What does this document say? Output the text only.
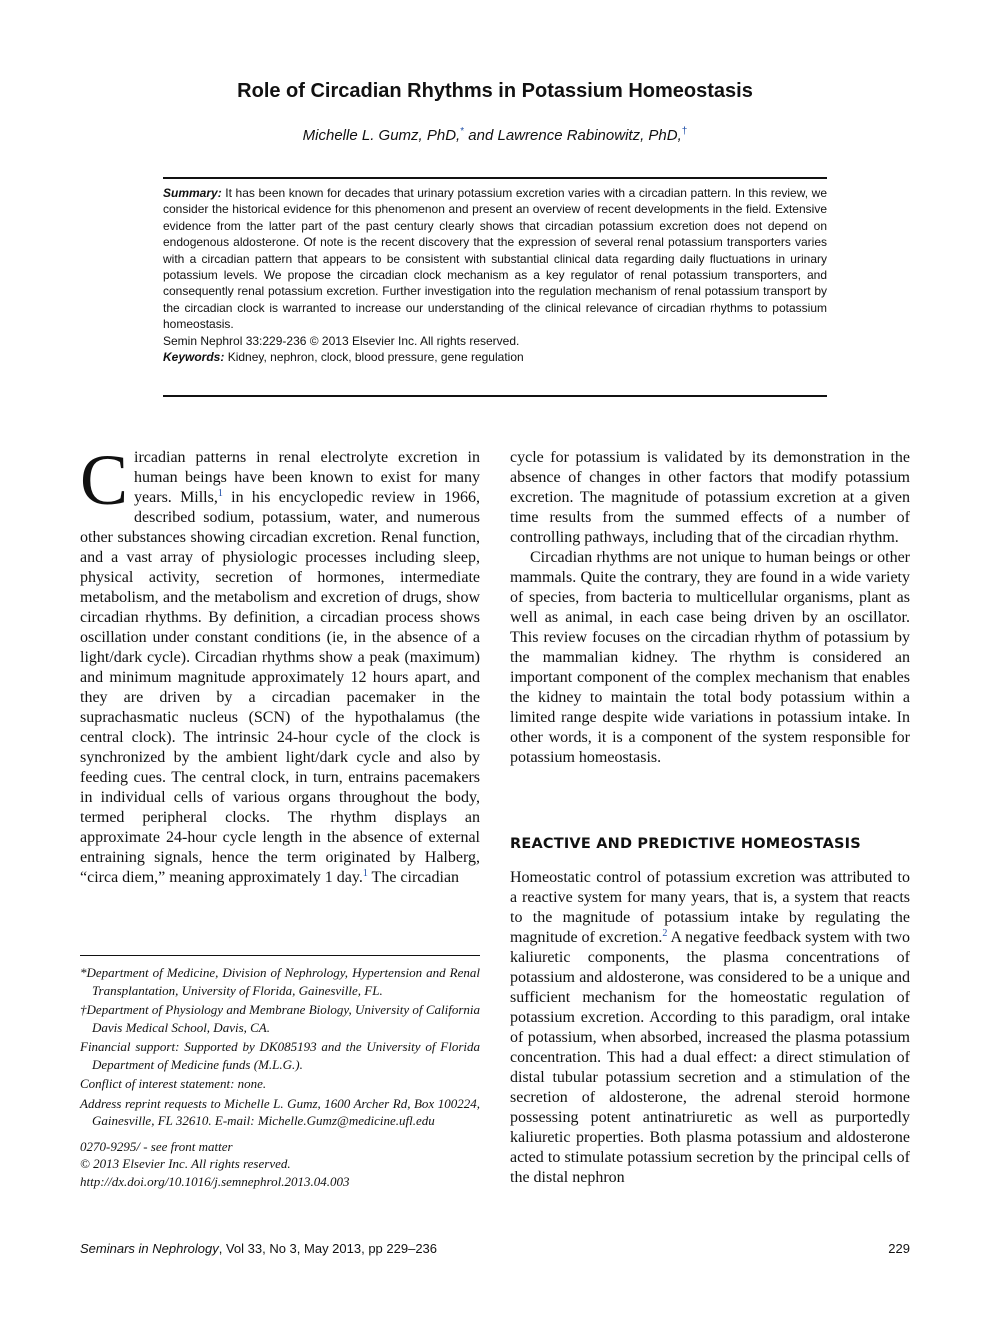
Role of Circadian Rhythms in Potassium Homeostasis
Michelle L. Gumz, PhD,* and Lawrence Rabinowitz, PhD,†

Summary: It has been known for decades that urinary potassium excretion varies with a circadian pattern. In this review, we consider the historical evidence for this phenomenon and present an overview of recent developments in the field. Extensive evidence from the latter part of the past century clearly shows that circadian potassium excretion does not depend on endogenous aldosterone. Of note is the recent discovery that the expression of several renal potassium transporters varies with a circadian pattern that appears to be consistent with substantial clinical data regarding daily fluctuations in urinary potassium levels. We propose the circadian clock mechanism as a key regulator of renal potassium transporters, and consequently renal potassium excretion. Further investigation into the regulation mechanism of renal potassium transport by the circadian clock is warranted to increase our understanding of the clinical relevance of circadian rhythms to potassium homeostasis.

Semin Nephrol 33:229-236 © 2013 Elsevier Inc. All rights reserved.

Keywords: Kidney, nephron, clock, blood pressure, gene regulation

Circadian patterns in renal electrolyte excretion in human beings have been known to exist for many years. Mills,$^1$ in his encyclopedic review in 1966, described sodium, potassium, water, and numerous other substances showing circadian excretion. Renal function, and a vast array of physiologic processes including sleep, physical activity, secretion of hormones, intermediate metabolism, and the metabolism and excretion of drugs, show circadian rhythms. By definition, a circadian process shows oscillation under constant conditions (ie, in the absence of a light/dark cycle). Circadian rhythms show a peak (maximum) and minimum magnitude approximately 12 hours apart, and they are driven by a circadian pacemaker in the suprachasmatic nucleus (SCN) of the hypothalamus (the central clock). The intrinsic 24-hour cycle of the clock is synchronized by the ambient light/dark cycle and also by feeding cues. The central clock, in turn, entrains pacemakers in individual cells of various organs throughout the body, termed peripheral clocks. The rhythm displays an approximate 24-hour cycle length in the absence of external entraining signals, hence the term originated by Halberg, “circa diem,” meaning approximately 1 day.$^1$ The circadian

*Department of Medicine, Division of Nephrology, Hypertension and Renal Transplantation, University of Florida, Gainesville, FL.

†Department of Physiology and Membrane Biology, University of California Davis Medical School, Davis, CA.

Financial support: Supported by DK085193 and the University of Florida Department of Medicine funds (M.L.G.).

Conflict of interest statement: none.

Address reprint requests to Michelle L. Gumz, 1600 Archer Rd, Box 100224, Gainesville, FL 32610. E-mail: Michelle.Gumz@medicine.ufl.edu

0270-9295/ - see front matter

© 2013 Elsevier Inc. All rights reserved.

http://dx.doi.org/10.1016/j.semnephrol.2013.04.003

cycle for potassium is validated by its demonstration in the absence of changes in other factors that modify potassium excretion. The magnitude of potassium excretion at a given time results from the summed effects of a number of controlling pathways, including that of the circadian rhythm.

Circadian rhythms are not unique to human beings or other mammals. Quite the contrary, they are found in a wide variety of species, from bacteria to multicellular organisms, plant as well as animal, in each case being driven by an oscillator. This review focuses on the circadian rhythm of potassium by the mammalian kidney. The rhythm is considered an important component of the complex mechanism that enables the kidney to maintain the total body potassium within a limited range despite wide variations in potassium intake. In other words, it is a component of the system responsible for potassium homeostasis.

REACTIVE AND PREDICTIVE HOMEOSTASIS

Homeostatic control of potassium excretion was attributed to a reactive system for many years, that is, a system that reacts to the magnitude of potassium intake by regulating the magnitude of excretion.$^2$ A negative feedback system with two kaliuretic components, the plasma concentrations of potassium and aldosterone, was considered to be a unique and sufficient mechanism for the homeostatic regulation of potassium excretion. According to this paradigm, oral intake of potassium, when absorbed, increased the plasma potassium concentration. This had a dual effect: a direct stimulation of distal tubular potassium secretion and a stimulation of the secretion of aldosterone, the adrenal steroid hormone possessing potent antinatriuretic as well as purportedly kaliuretic properties. Both plasma potassium and aldosterone acted to stimulate potassium secretion by the principal cells of the distal nephron

Seminars in Nephrology, Vol 33, No 3, May 2013, pp 229–236	229
